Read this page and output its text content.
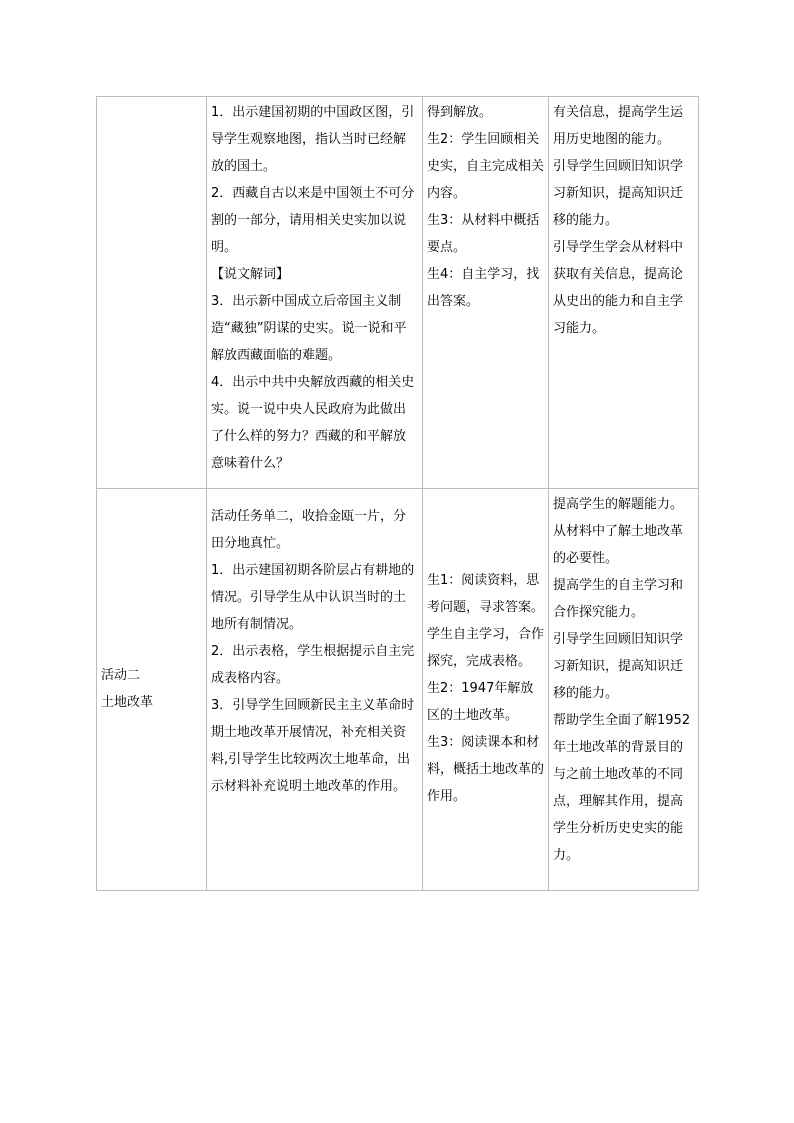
	1．出示建国初期的中国政区图，引导学生观察地图，指认当时已经解放的国土。
2．西藏自古以来是中国领土不可分割的一部分，请用相关史实加以说明。
【说文解词】
3．出示新中国成立后帝国主义制造“藏独”阴谋的史实。说一说和平解放西藏面临的难题。
4．出示中共中央解放西藏的相关史实。说一说中央人民政府为此做出了什么样的努力？西藏的和平解放意味着什么？	得到解放。
生2：学生回顾相关史实，自主完成相关内容。
生3：从材料中概括要点。
生4：自主学习，找出答案。	有关信息，提高学生运用历史地图的能力。
引导学生回顾旧知识学习新知识，提高知识迁移的能力。
引导学生学会从材料中获取有关信息，提高论从史出的能力和自主学习能力。

活动二
土地改革	活动任务单二，收拾金瓯一片，分田分地真忙。
1．出示建国初期各阶层占有耕地的情况。引导学生从中认识当时的土地所有制情况。
2．出示表格，学生根据提示自主完成表格内容。
3．引导学生回顾新民主主义革命时期土地改革开展情况，补充相关资料,引导学生比较两次土地革命，出示材料补充说明土地改革的作用。	生1：阅读资料，思考问题，寻求答案。学生自主学习，合作探究，完成表格。
生2：1947年解放区的土地改革。
生3：阅读课本和材料，概括土地改革的作用。	提高学生的解题能力。
从材料中了解土地改革的必要性。
提高学生的自主学习和合作探究能力。
引导学生回顾旧知识学习新知识，提高知识迁移的能力。
帮助学生全面了解1952年土地改革的背景目的与之前土地改革的不同点，理解其作用，提高学生分析历史史实的能力。
